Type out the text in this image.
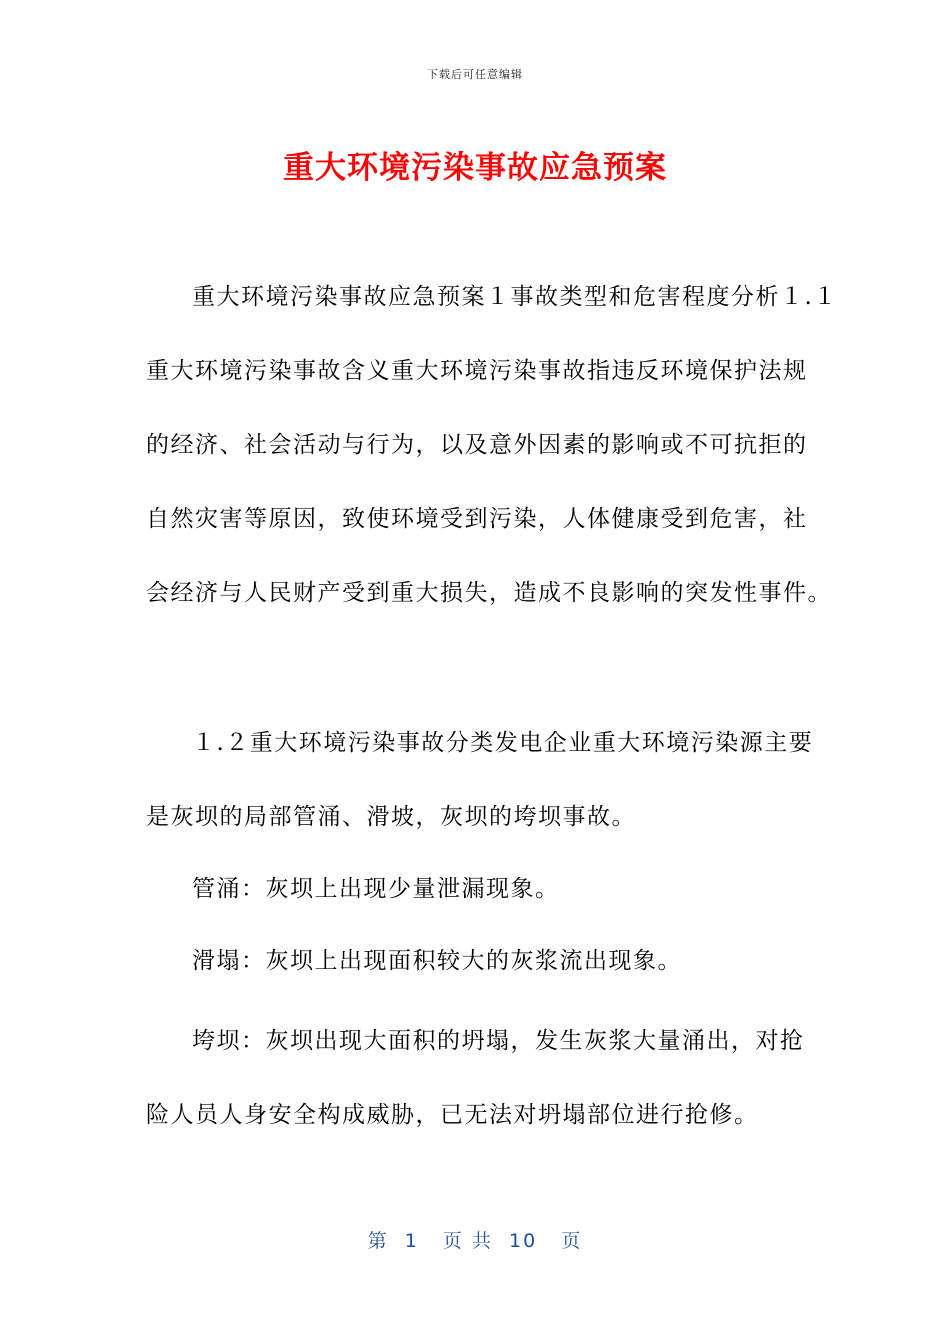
下载后可任意编辑
重大环境污染事故应急预案

重大环境污染事故应急预案１事故类型和危害程度分析１.１
重大环境污染事故含义重大环境污染事故指违反环境保护法规
的经济、社会活动与行为，以及意外因素的影响或不可抗拒的
自然灾害等原因，致使环境受到污染，人体健康受到危害，社
会经济与人民财产受到重大损失，造成不良影响的突发性事件。

１.２重大环境污染事故分类发电企业重大环境污染源主要
是灰坝的局部管涌、滑坡，灰坝的垮坝事故。

管涌：灰坝上出现少量泄漏现象。

滑塌：灰坝上出现面积较大的灰浆流出现象。

垮坝：灰坝出现大面积的坍塌，发生灰浆大量涌出，对抢
险人员人身安全构成威胁，已无法对坍塌部位进行抢修。

第  1   页 共  10   页
